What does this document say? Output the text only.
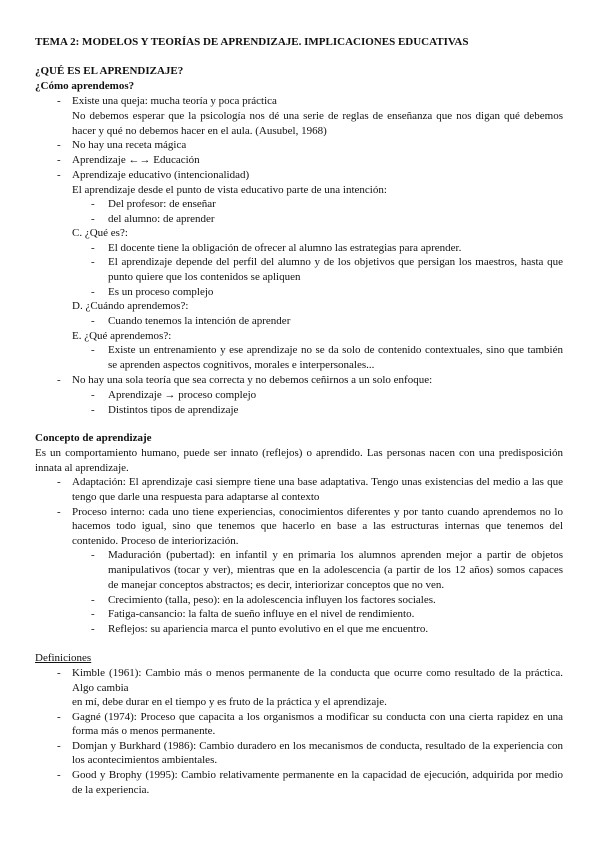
TEMA 2: MODELOS Y TEORÍAS DE APRENDIZAJE. IMPLICACIONES EDUCATIVAS
¿QUÉ ES EL APRENDIZAJE?
¿Cómo aprendemos?
- Existe una queja: mucha teoría y poca práctica
No debemos esperar que la psicología nos dé una serie de reglas de enseñanza que nos digan qué debemos
hacer y qué no debemos hacer en el aula. (Ausubel, 1968)
- No hay una receta mágica
- Aprendizaje ←→ Educación
- Aprendizaje educativo (intencionalidad)
El aprendizaje desde el punto de vista educativo parte de una intención:
- Del profesor: de enseñar
- del alumno: de aprender
C. ¿Qué es?:
- El docente tiene la obligación de ofrecer al alumno las estrategias para aprender.
- El aprendizaje depende del perfil del alumno y de los objetivos que persigan los maestros, hasta que
punto quiere que los contenidos se apliquen
- Es un proceso complejo
D. ¿Cuándo aprendemos?:
- Cuando tenemos la intención de aprender
E. ¿Qué aprendemos?:
- Existe un entrenamiento y ese aprendizaje no se da solo de contenido contextuales, sino que también
se aprenden aspectos cognitivos, morales e interpersonales...
- No hay una sola teoría que sea correcta y no debemos ceñirnos a un solo enfoque:
- Aprendizaje → proceso complejo
- Distintos tipos de aprendizaje
Concepto de aprendizaje
Es un comportamiento humano, puede ser innato (reflejos) o aprendido. Las personas nacen con una predisposición
innata al aprendizaje.
- Adaptación: El aprendizaje casi siempre tiene una base adaptativa. Tengo unas existencias del medio a las que
tengo que darle una respuesta para adaptarse al contexto
- Proceso interno: cada uno tiene experiencias, conocimientos diferentes y por tanto cuando aprendemos no lo
hacemos todo igual, sino que tenemos que hacerlo en base a las estructuras internas que tenemos del
contenido. Proceso de interiorización.
- Maduración (pubertad): en infantil y en primaria los alumnos aprenden mejor a partir de objetos
manipulativos (tocar y ver), mientras que en la adolescencia (a partir de los 12 años) somos capaces
de manejar conceptos abstractos; es decir, interiorizar conceptos que no ven.
- Crecimiento (talla, peso): en la adolescencia influyen los factores sociales.
- Fatiga-cansancio: la falta de sueño influye en el nivel de rendimiento.
- Reflejos: su apariencia marca el punto evolutivo en el que me encuentro.
Definiciones
- Kimble (1961): Cambio más o menos permanente de la conducta que ocurre como resultado de la práctica.
Algo cambia
en mí, debe durar en el tiempo y es fruto de la práctica y el aprendizaje.
- Gagné (1974): Proceso que capacita a los organismos a modificar su conducta con una cierta rapidez en una
forma más o menos permanente.
- Domjan y Burkhard (1986): Cambio duradero en los mecanismos de conducta, resultado de la experiencia con
los acontecimientos ambientales.
- Good y Brophy (1995): Cambio relativamente permanente en la capacidad de ejecución, adquirida por medio
de la experiencia.
